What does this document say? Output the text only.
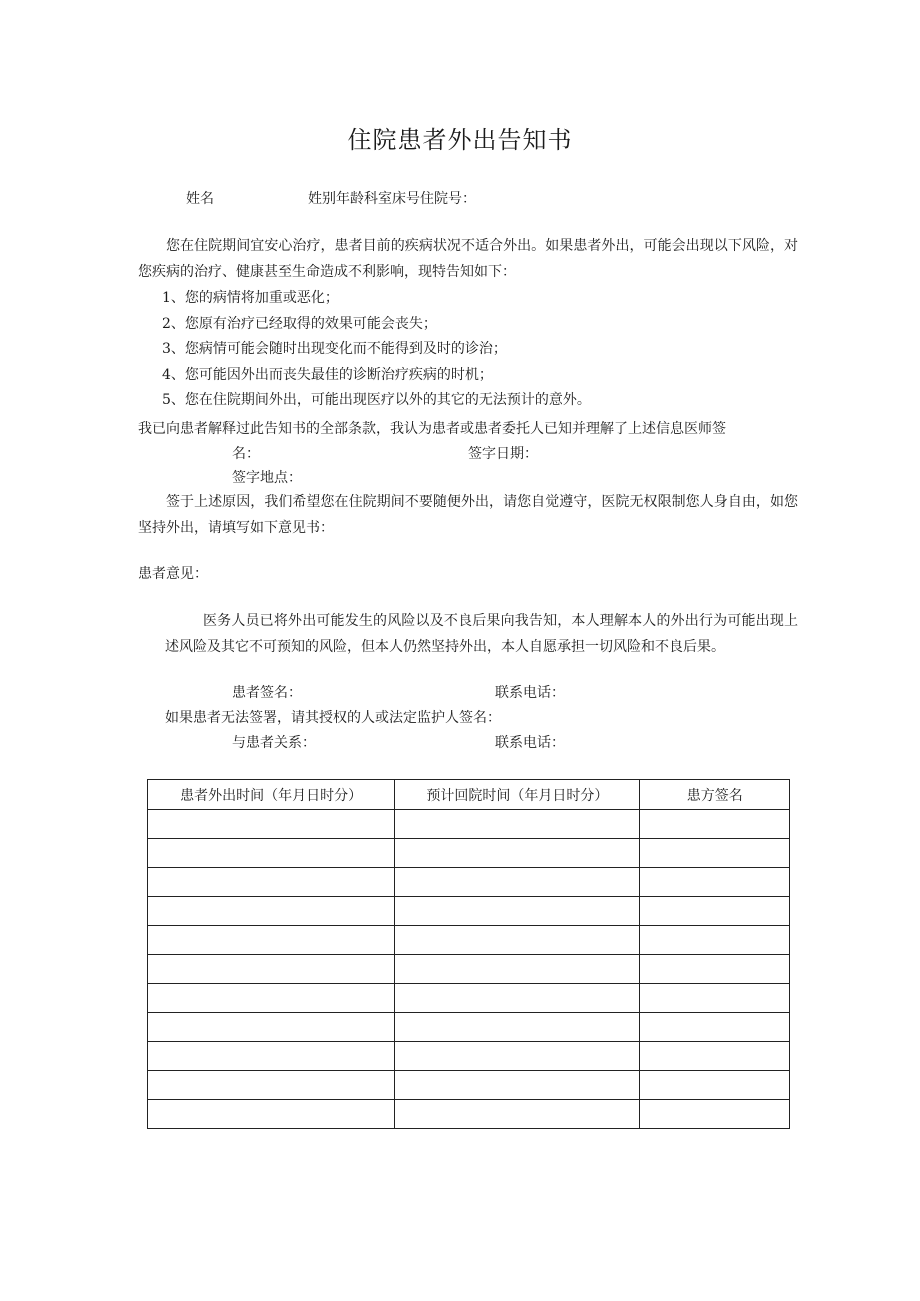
住院患者外出告知书
姓名	姓别年龄科室床号住院号：

您在住院期间宜安心治疗，患者目前的疾病状况不适合外出。如果患者外出，可能会出现以下风险，对您疾病的治疗、健康甚至生命造成不利影响，现特告知如下：

1、您的病情将加重或恶化；
2、您原有治疗已经取得的效果可能会丧失；
3、您病情可能会随时出现变化而不能得到及时的诊治；
4、您可能因外出而丧失最佳的诊断治疗疾病的时机；
5、您在住院期间外出，可能出现医疗以外的其它的无法预计的意外。
我已向患者解释过此告知书的全部条款，我认为患者或患者委托人已知并理解了上述信息医师签
名：	签字日期：
签字地点：

签于上述原因，我们希望您在住院期间不要随便外出，请您自觉遵守，医院无权限制您人身自由，如您坚持外出，请填写如下意见书：

患者意见：

医务人员已将外出可能发生的风险以及不良后果向我告知，本人理解本人的外出行为可能出现上述风险及其它不可预知的风险，但本人仍然坚持外出，本人自愿承担一切风险和不良后果。

患者签名：	联系电话：
如果患者无法签署，请其授权的人或法定监护人签名：
与患者关系：	联系电话：
患者外出时间（年月日时分）	预计回院时间（年月日时分）	患方签名
